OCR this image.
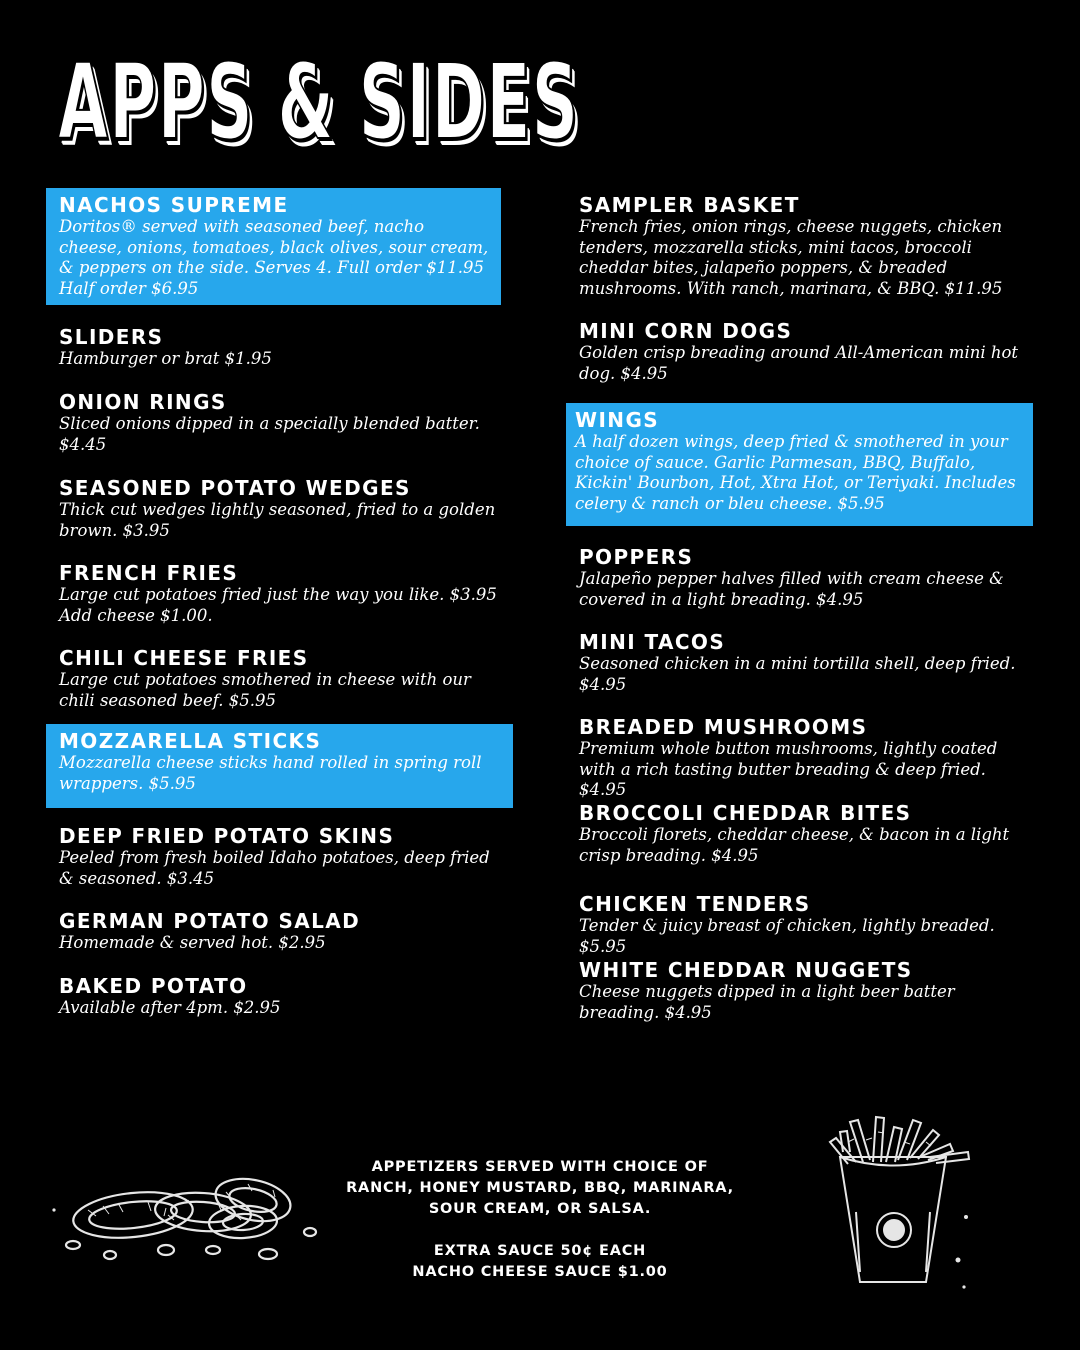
APPS & SIDES
NACHOS SUPREME
Doritos® served with seasoned beef, nacho cheese, onions, tomatoes, black olives, sour cream, & peppers on the side. Serves 4. Full order $11.95 Half order $6.95
SLIDERS
Hamburger or brat $1.95
ONION RINGS
Sliced onions dipped in a specially blended batter. $4.45
SEASONED POTATO WEDGES
Thick cut wedges lightly seasoned, fried to a golden brown. $3.95
FRENCH FRIES
Large cut potatoes fried just the way you like. $3.95 Add cheese $1.00.
CHILI CHEESE FRIES
Large cut potatoes smothered in cheese with our chili seasoned beef. $5.95
MOZZARELLA STICKS
Mozzarella cheese sticks hand rolled in spring roll wrappers. $5.95
DEEP FRIED POTATO SKINS
Peeled from fresh boiled Idaho potatoes, deep fried & seasoned. $3.45
GERMAN POTATO SALAD
Homemade & served hot. $2.95
BAKED POTATO
Available after 4pm. $2.95
SAMPLER BASKET
French fries, onion rings, cheese nuggets, chicken tenders, mozzarella sticks, mini tacos, broccoli cheddar bites, jalapeño poppers, & breaded mushrooms. With ranch, marinara, & BBQ. $11.95
MINI CORN DOGS
Golden crisp breading around All-American mini hot dog. $4.95
WINGS
A half dozen wings, deep fried & smothered in your choice of sauce. Garlic Parmesan, BBQ, Buffalo, Kickin' Bourbon, Hot, Xtra Hot, or Teriyaki. Includes celery & ranch or bleu cheese. $5.95
POPPERS
Jalapeño pepper halves filled with cream cheese & covered in a light breading. $4.95
MINI TACOS
Seasoned chicken in a mini tortilla shell, deep fried. $4.95
BREADED MUSHROOMS
Premium whole button mushrooms, lightly coated with a rich tasting butter breading & deep fried. $4.95
BROCCOLI CHEDDAR BITES
Broccoli florets, cheddar cheese, & bacon in a light crisp breading. $4.95
CHICKEN TENDERS
Tender & juicy breast of chicken, lightly breaded. $5.95
WHITE CHEDDAR NUGGETS
Cheese nuggets dipped in a light beer batter breading. $4.95

APPETIZERS SERVED WITH CHOICE OF

RANCH, HONEY MUSTARD, BBQ, MARINARA,

SOUR CREAM, OR SALSA.

EXTRA SAUCE 50¢ EACH

NACHO CHEESE SAUCE $1.00
